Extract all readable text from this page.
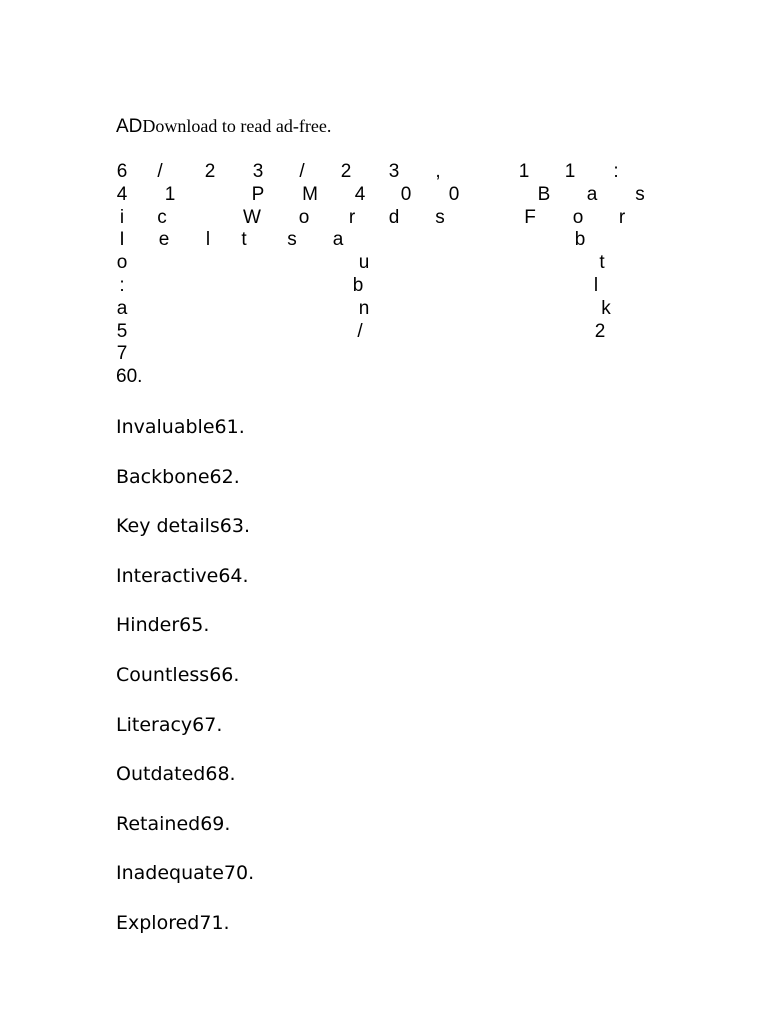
AD Download to read ad-free.
6 / 2 3 / 2 3 ,	1 1 :
4 1	P M 4 0 0	B a s
i c	W o r d s	F o r
I e l t s a	b
o	u	t
:	b	l
a	n	k
5	/	2
7
60.
Invaluable61.
Backbone62.
Key details63.
Interactive64.
Hinder65.
Countless66.
Literacy67.
Outdated68.
Retained69.
Inadequate70.
Explored71.
